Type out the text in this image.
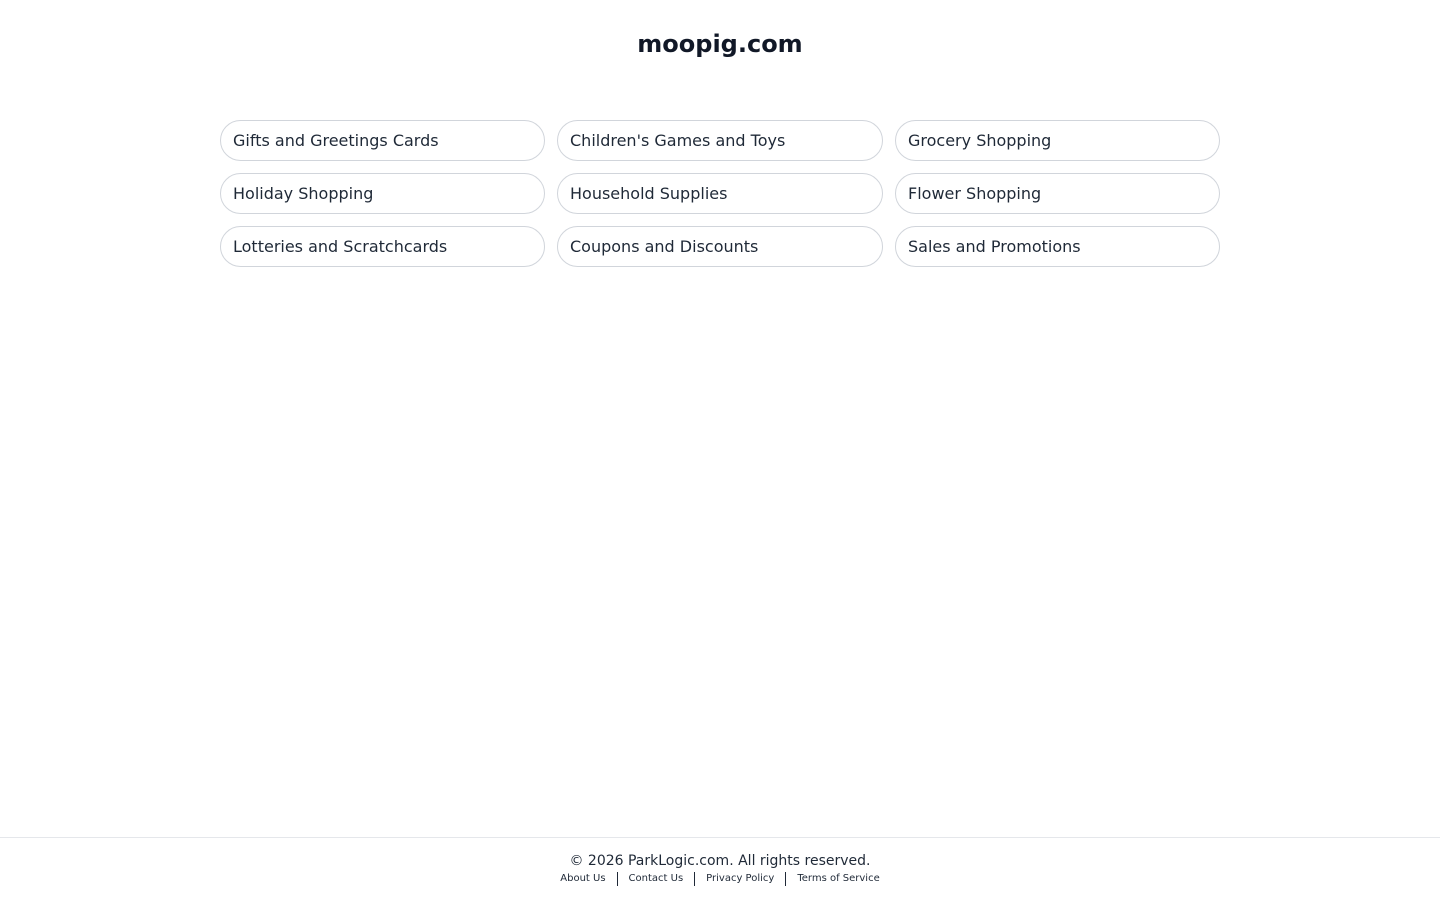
moopig.com
Gifts and Greetings Cards	Children's Games and Toys	Grocery Shopping
Holiday Shopping	Household Supplies	Flower Shopping
Lotteries and Scratchcards	Coupons and Discounts	Sales and Promotions
© 2026 ParkLogic.com. All rights reserved.
About Us Contact Us Privacy Policy Terms of Service
